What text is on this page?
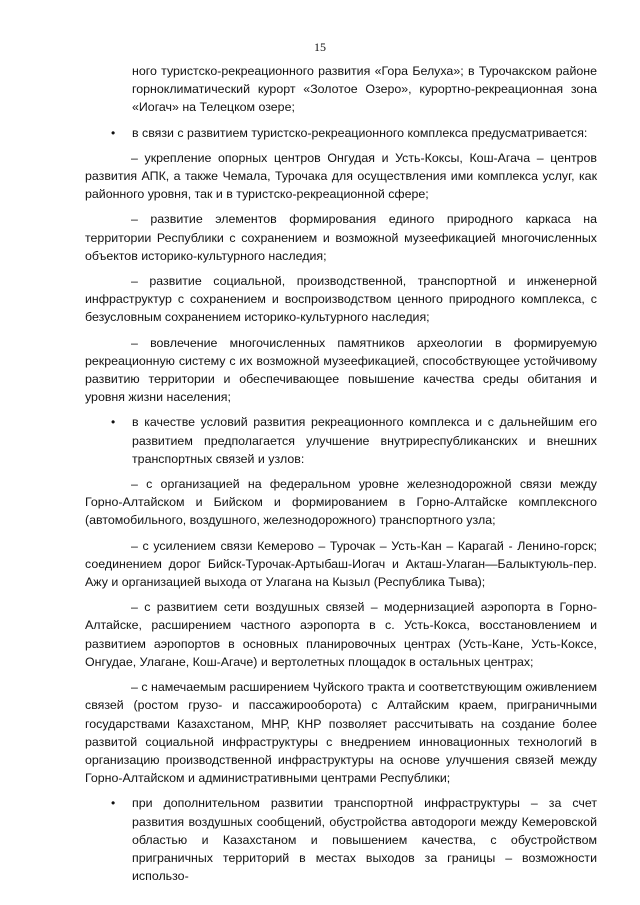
15

ного туристско-рекреационного развития «Гора Белуха»; в Турочакском районе горноклиматический курорт «Золотое Озеро», курортно-рекреационная зона «Иогач» на Телецком озере;

• в связи с развитием туристско-рекреационного комплекса предусматривается:

– укрепление опорных центров Онгудая и Усть-Коксы, Кош-Агача – центров развития АПК, а также Чемала, Турочака для осуществления ими комплекса услуг, как районного уровня, так и в туристско-рекреационной сфере;

– развитие элементов формирования единого природного каркаса на территории Республики с сохранением и возможной музеефикацией многочисленных объектов историко-культурного наследия;

– развитие социальной, производственной, транспортной и инженерной инфраструктур с сохранением и воспроизводством ценного природного комплекса, с безусловным сохранением историко-культурного наследия;

– вовлечение многочисленных памятников археологии в формируемую рекреационную систему с их возможной музеефикацией, способствующее устойчивому развитию территории и обеспечивающее повышение качества среды обитания и уровня жизни населения;

• в качестве условий развития рекреационного комплекса и с дальнейшим его развитием предполагается улучшение внутриреспубликанских и внешних транспортных связей и узлов:

– с организацией на федеральном уровне железнодорожной связи между Горно-Алтайском и Бийском и формированием в Горно-Алтайске комплексного (автомобильного, воздушного, железнодорожного) транспортного узла;

– с усилением связи Кемерово – Турочак – Усть-Кан – Карагай - Ленино-горск; соединением дорог Бийск-Турочак-Артыбаш-Иогач и Акташ-Улаган—Балыктуюль-пер. Ажу и организацией выхода от Улагана на Кызыл (Республика Тыва);

– с развитием сети воздушных связей – модернизацией аэропорта в Горно-Алтайске, расширением частного аэропорта в с. Усть-Кокса, восстановлением и развитием аэропортов в основных планировочных центрах (Усть-Кане, Усть-Коксе, Онгудае, Улагане, Кош-Агаче) и вертолетных площадок в остальных центрах;

– с намечаемым расширением Чуйского тракта и соответствующим оживлением связей (ростом грузо- и пассажирооборота) с Алтайским краем, приграничными государствами Казахстаном, МНР, КНР позволяет рассчитывать на создание более развитой социальной инфраструктуры с внедрением инновационных технологий в организацию производственной инфраструктуры на основе улучшения связей между Горно-Алтайском и административными центрами Республики;

• при дополнительном развитии транспортной инфраструктуры – за счет развития воздушных сообщений, обустройства автодороги между Кемеровской областью и Казахстаном и повышением качества, с обустройством приграничных территорий в местах выходов за границы – возможности использо-
